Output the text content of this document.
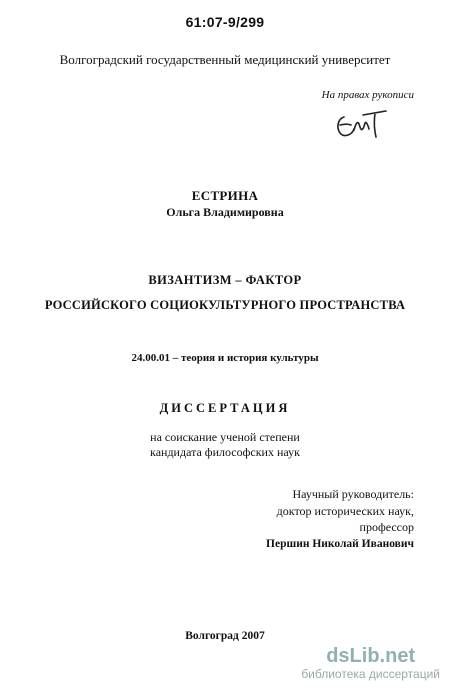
61:07-9/299
Волгоградский государственный медицинский университет
На правах рукописи
ЕСТРИНА
Ольга Владимировна
ВИЗАНТИЗМ – ФАКТОР
РОССИЙСКОГО СОЦИОКУЛЬТУРНОГО ПРОСТРАНСТВА
24.00.01 – теория и история культуры
ДИССЕРТАЦИЯ
на соискание ученой степени
кандидата философских наук
Научный руководитель:
доктор исторических наук,
профессор
Першин Николай Иванович
Волгоград 2007
dsLib.net
библиотека диссертаций
